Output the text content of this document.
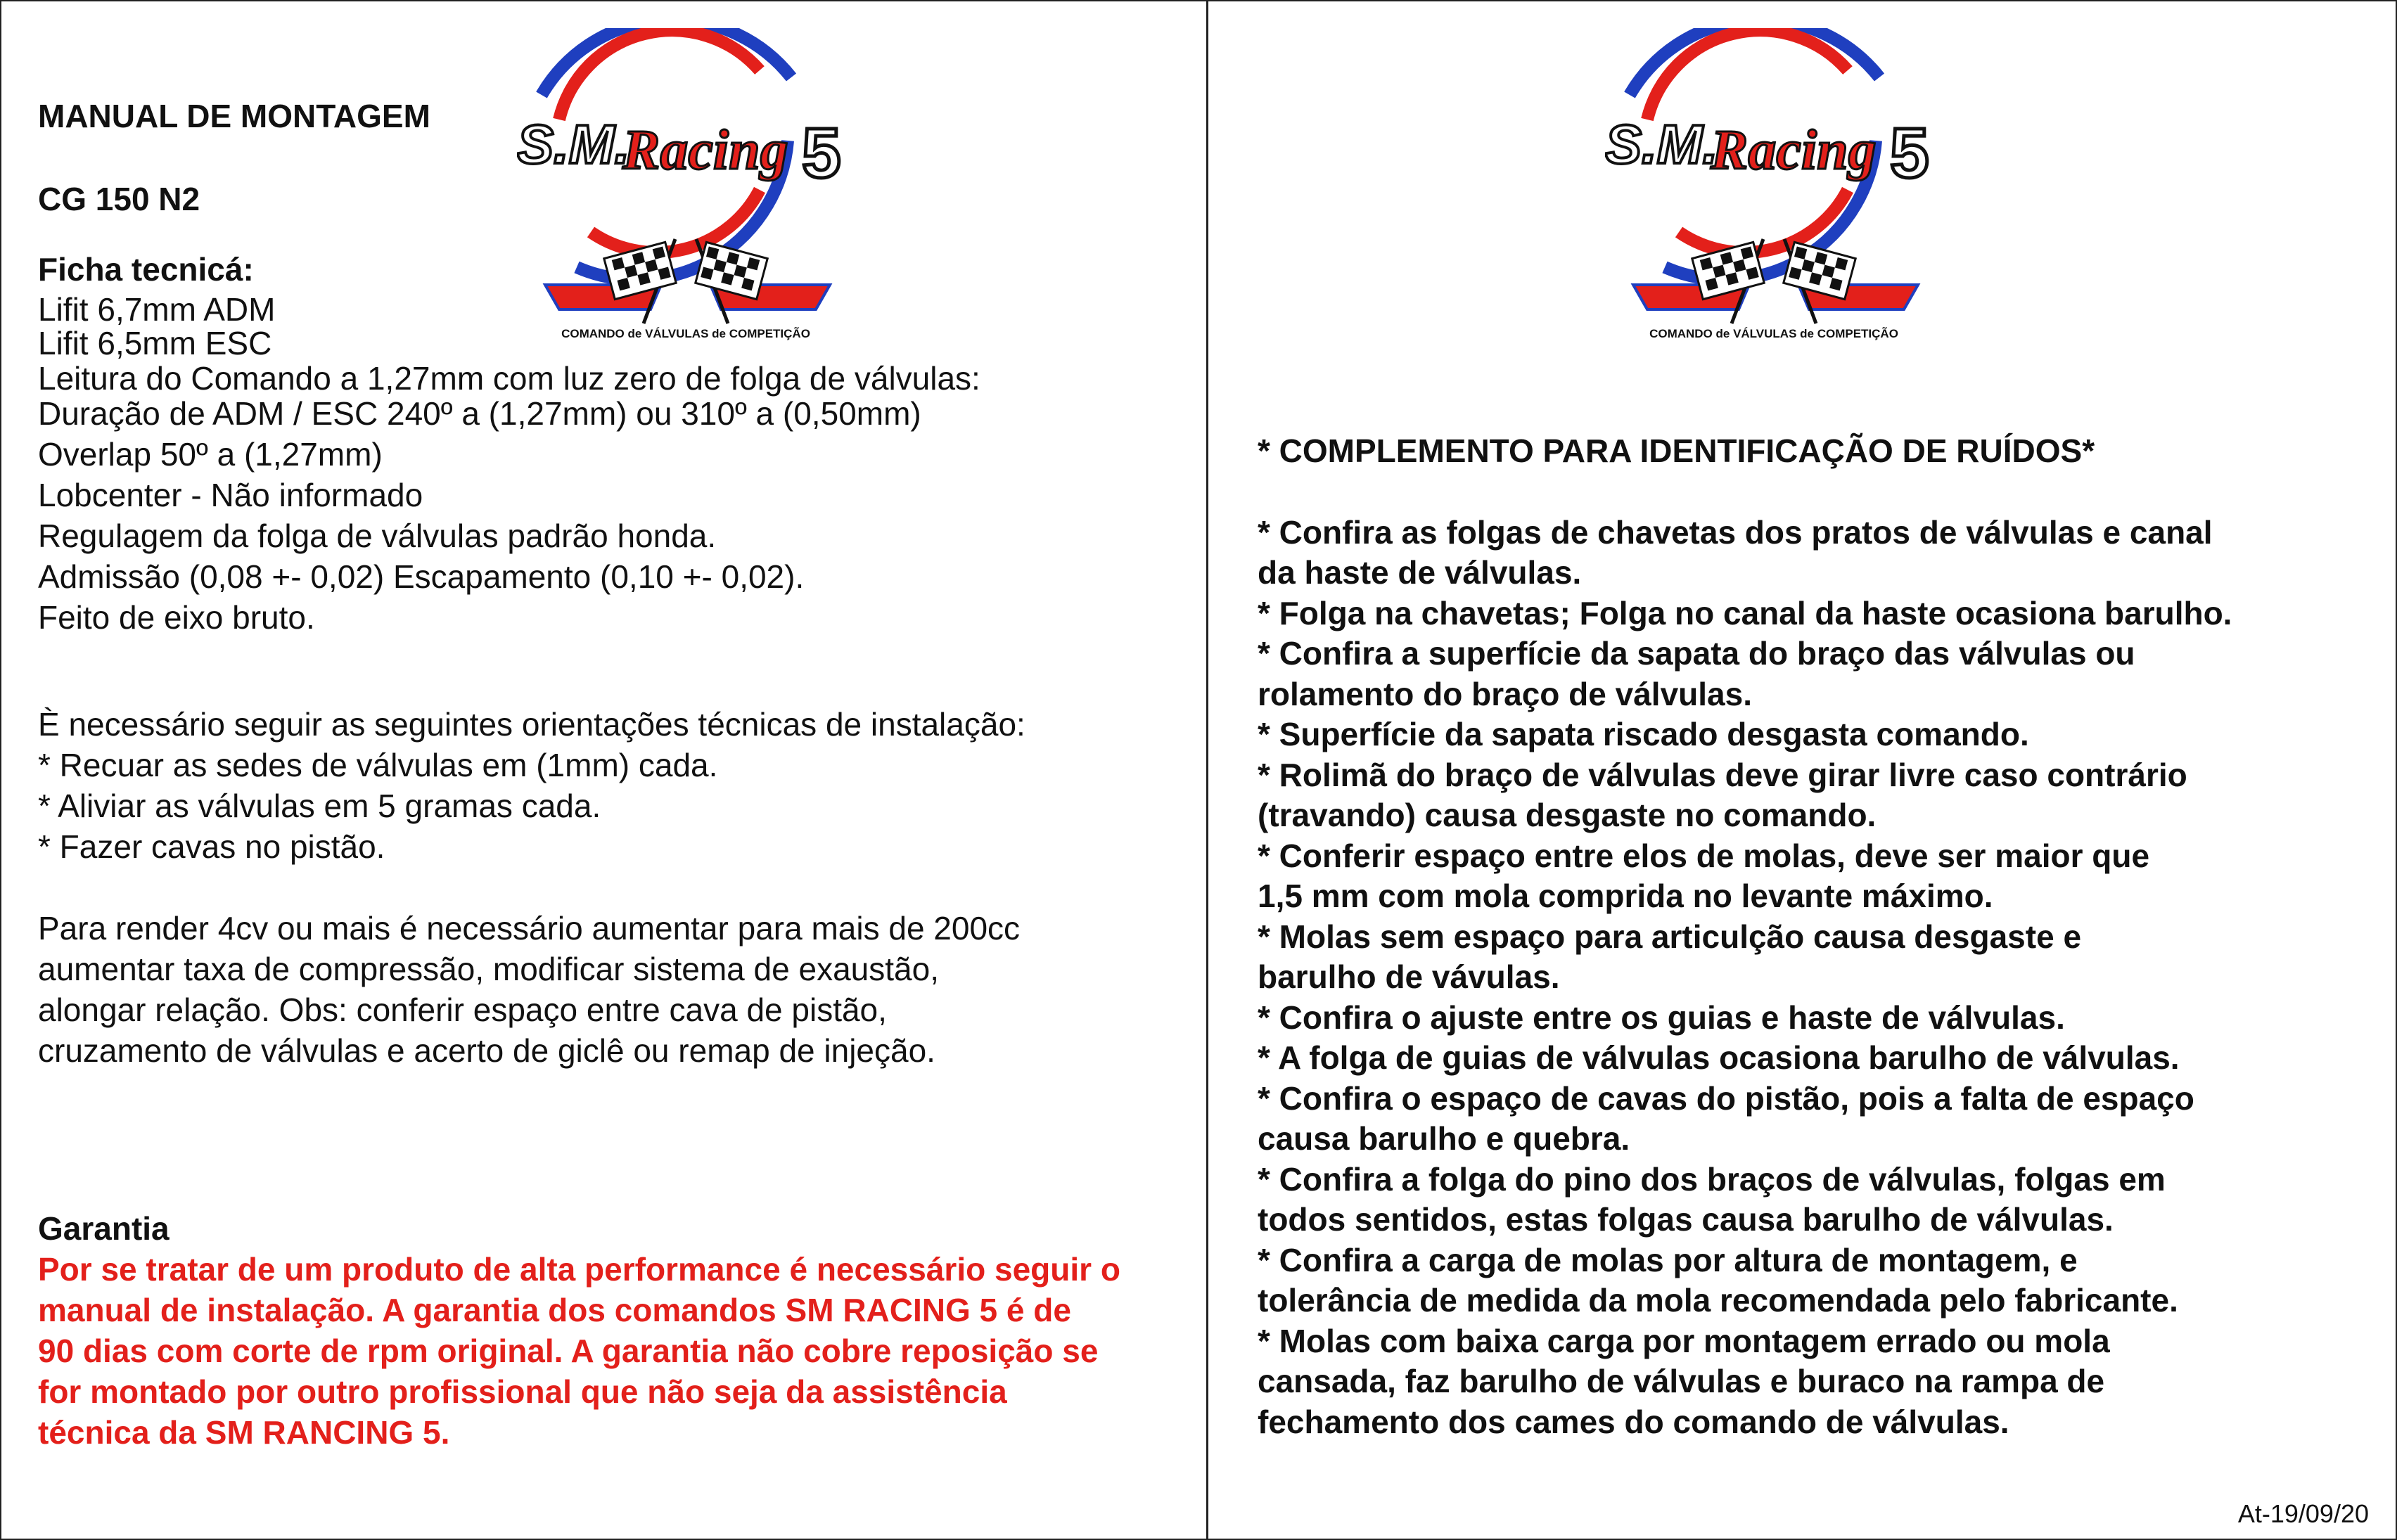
MANUAL DE MONTAGEM
CG 150 N2
Ficha tecnicá:
Lifit 6,7mm ADM
Lifit 6,5mm ESC
Leitura do Comando a 1,27mm com luz zero de folga de válvulas:
Duração de ADM / ESC 240º a (1,27mm) ou 310º a (0,50mm)
Overlap 50º a (1,27mm)
Lobcenter - Não informado
Regulagem da folga de válvulas padrão honda.
Admissão (0,08 +- 0,02) Escapamento (0,10 +- 0,02).
Feito de eixo bruto.
È necessário seguir as seguintes orientações técnicas de instalação:
* Recuar as sedes de válvulas em (1mm) cada.
* Aliviar as válvulas em 5 gramas cada.
* Fazer cavas no pistão.
Para render 4cv ou mais é necessário aumentar para mais de 200cc
aumentar taxa de compressão, modificar sistema de exaustão,
alongar relação. Obs: conferir espaço entre cava de pistão,
cruzamento de válvulas e acerto de giclê ou remap de injeção.
Garantia
Por se tratar de um produto de alta performance é necessário seguir o
manual de instalação. A garantia dos comandos SM RACING 5 é de
90 dias com corte de rpm original. A garantia não cobre reposição se
for montado por outro profissional que não seja da assistência
técnica da SM RANCING 5.
S.M.
Racing 5
COMANDO de VÁLVULAS de COMPETIÇÃO
S.M.
Racing 5
COMANDO de VÁLVULAS de COMPETIÇÃO
* COMPLEMENTO PARA IDENTIFICAÇÃO DE RUÍDOS*
* Confira as folgas de chavetas dos pratos de válvulas e canal
da haste de válvulas.
* Folga na chavetas; Folga no canal da haste ocasiona barulho.
* Confira a superfície da sapata do braço das válvulas ou
rolamento do braço de válvulas.
* Superfície da sapata riscado desgasta comando.
* Rolimã do braço de válvulas deve girar livre caso contrário
(travando) causa desgaste no comando.
* Conferir espaço entre elos de molas, deve ser maior que
1,5 mm com mola comprida no levante máximo.
* Molas sem espaço para articulção causa desgaste e
barulho de vávulas.
* Confira o ajuste entre os guias e haste de válvulas.
* A folga de guias de válvulas ocasiona barulho de válvulas.
* Confira o espaço de cavas do pistão, pois a falta de espaço
causa barulho e quebra.
* Confira a folga do pino dos braços de válvulas, folgas em
todos sentidos, estas folgas causa barulho de válvulas.
* Confira a carga de molas por altura de montagem, e
tolerância de medida da mola recomendada pelo fabricante.
* Molas com baixa carga por montagem errado ou mola
cansada, faz barulho de válvulas e buraco na rampa de
fechamento dos cames do comando de válvulas.
At-19/09/20
